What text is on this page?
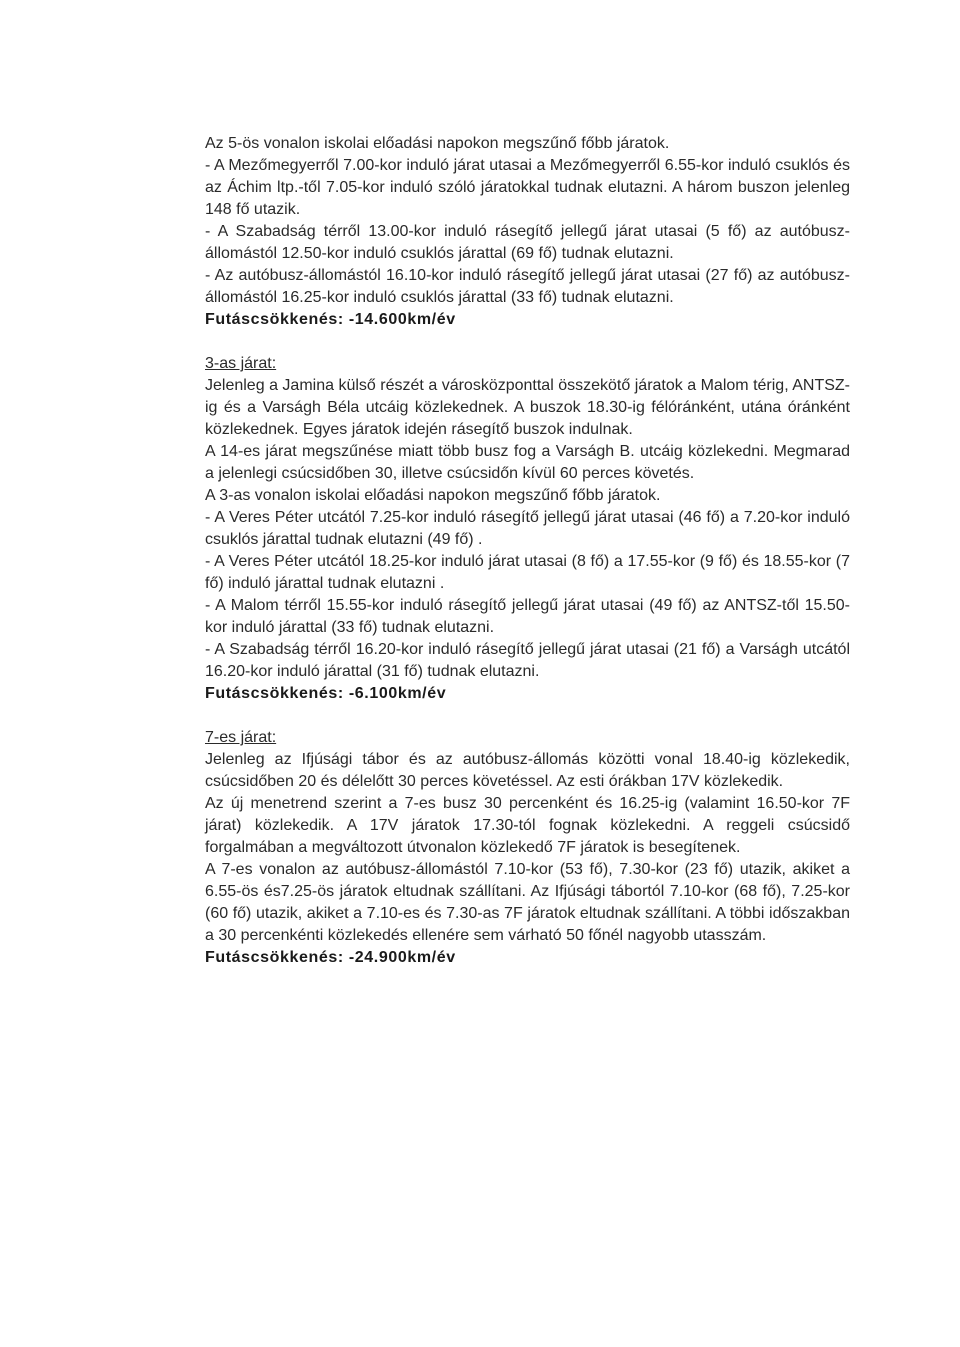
Az 5-ös vonalon iskolai előadási napokon megszűnő főbb járatok.

- A Mezőmegyerről 7.00-kor induló járat utasai a Mezőmegyerről 6.55-kor induló csuklós és az Áchim ltp.-től 7.05-kor induló szóló járatokkal tudnak elutazni. A három buszon jelenleg 148 fő utazik.

- A Szabadság térről 13.00-kor induló rásegítő jellegű járat utasai (5 fő) az autóbusz-állomástól 12.50-kor induló csuklós járattal (69 fő) tudnak elutazni.

- Az autóbusz-állomástól 16.10-kor induló rásegítő jellegű járat utasai (27 fő) az autóbusz-állomástól 16.25-kor induló csuklós járattal (33 fő) tudnak elutazni.

Futáscsökkenés: -14.600km/év

3-as járat:

Jelenleg a Jamina külső részét a városközponttal összekötő járatok a Malom térig, ANTSZ-ig és a Varságh Béla utcáig közlekednek. A buszok 18.30-ig félóránként, utána óránként közlekednek. Egyes járatok idején rásegítő buszok indulnak.

A 14-es járat megszűnése miatt több busz fog a Varságh B. utcáig közlekedni. Megmarad a jelenlegi csúcsidőben 30, illetve csúcsidőn kívül 60 perces követés.

A 3-as vonalon iskolai előadási napokon megszűnő főbb járatok.

- A Veres Péter utcától 7.25-kor induló rásegítő jellegű járat utasai (46 fő) a 7.20-kor induló csuklós járattal tudnak elutazni (49 fő) .

- A Veres Péter utcától 18.25-kor induló járat utasai (8 fő) a 17.55-kor (9 fő) és 18.55-kor (7 fő) induló járattal tudnak elutazni .

- A Malom térről 15.55-kor induló rásegítő jellegű járat utasai (49 fő) az ANTSZ-től 15.50-kor induló járattal (33 fő) tudnak elutazni.

- A Szabadság térről 16.20-kor induló rásegítő jellegű járat utasai (21 fő) a Varságh utcától 16.20-kor induló járattal (31 fő) tudnak elutazni.

Futáscsökkenés: -6.100km/év

7-es járat:

Jelenleg az Ifjúsági tábor és az autóbusz-állomás közötti vonal 18.40-ig közlekedik, csúcsidőben 20 és délelőtt 30 perces követéssel. Az esti órákban 17V közlekedik.

Az új menetrend szerint a 7-es busz 30 percenként és 16.25-ig (valamint 16.50-kor 7F járat) közlekedik. A 17V járatok 17.30-tól fognak közlekedni. A reggeli csúcsidő forgalmában a megváltozott útvonalon közlekedő 7F járatok is besegítenek.

A 7-es vonalon az autóbusz-állomástól 7.10-kor (53 fő), 7.30-kor (23 fő) utazik, akiket a 6.55-ös és7.25-ös járatok eltudnak szállítani. Az Ifjúsági tábortól 7.10-kor (68 fő), 7.25-kor (60 fő) utazik, akiket a 7.10-es és 7.30-as 7F járatok eltudnak szállítani. A többi időszakban a 30 percenkénti közlekedés ellenére sem várható 50 főnél nagyobb utasszám.

Futáscsökkenés: -24.900km/év
